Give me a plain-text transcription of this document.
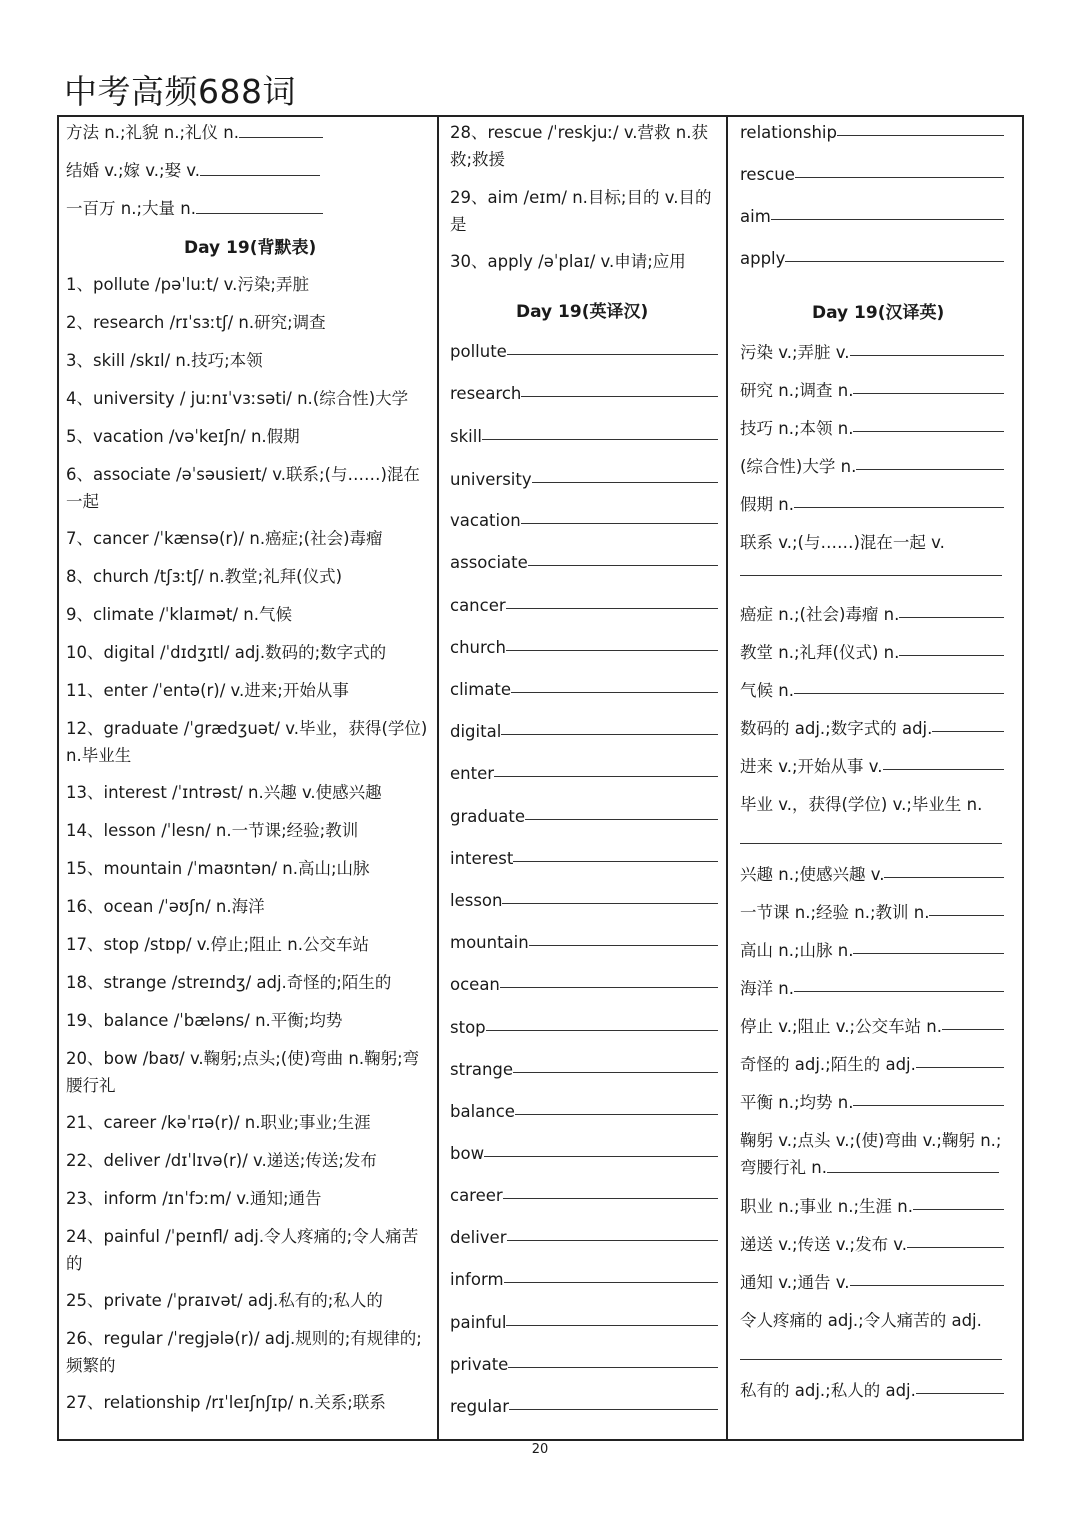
中考高频688词
方法 n.;礼貌 n.;礼仪 n.
结婚 v.;嫁 v.;娶 v.
一百万 n.;大量 n.
Day 19(背默表)
1、pollute /pəˈluːt/ v.污染;弄脏
2、research /rɪˈsɜːtʃ/ n.研究;调查
3、skill /skɪl/ n.技巧;本领
4、university / juːnɪˈvɜːsəti/ n.(综合性)大学
5、vacation /vəˈkeɪʃn/ n.假期
6、associate /əˈsəusieɪt/ v.联系;(与……)混在一起
7、cancer /ˈkænsə(r)/ n.癌症;(社会)毒瘤
8、church /tʃɜːtʃ/ n.教堂;礼拜(仪式)
9、climate /ˈklaɪmət/ n.气候
10、digital /ˈdɪdʒɪtl/ adj.数码的;数字式的
11、enter /ˈentə(r)/ v.进来;开始从事
12、graduate /ˈɡrædʒuət/ v.毕业，获得(学位) n.毕业生
13、interest /ˈɪntrəst/ n.兴趣 v.使感兴趣
14、lesson /ˈlesn/ n.一节课;经验;教训
15、mountain /ˈmaʊntən/ n.高山;山脉
16、ocean /ˈəʊʃn/ n.海洋
17、stop /stɒp/ v.停止;阻止 n.公交车站
18、strange /streɪndʒ/ adj.奇怪的;陌生的
19、balance /ˈbæləns/ n.平衡;均势
20、bow /baʊ/ v.鞠躬;点头;(使)弯曲 n.鞠躬;弯腰行礼
21、career /kəˈrɪə(r)/ n.职业;事业;生涯
22、deliver /dɪˈlɪvə(r)/ v.递送;传送;发布
23、inform /ɪnˈfɔːm/ v.通知;通告
24、painful /ˈpeɪnfl/ adj.令人疼痛的;令人痛苦的
25、private /ˈpraɪvət/ adj.私有的;私人的
26、regular /ˈregjələ(r)/ adj.规则的;有规律的;频繁的
27、relationship /rɪˈleɪʃnʃɪp/ n.关系;联系
28、rescue /ˈreskjuː/ v.营救 n.获救;救援
29、aim /eɪm/ n.目标;目的 v.目的是
30、apply /əˈplaɪ/ v.申请;应用
Day 19(英译汉)
pollute
research
skill
university
vacation
associate
cancer
church
climate
digital
enter
graduate
interest
lesson
mountain
ocean
stop
strange
balance
bow
career
deliver
inform
painful
private
regular
relationship
rescue
aim
apply
Day 19(汉译英)
污染 v.;弄脏 v.
研究 n.;调查 n.
技巧 n.;本领 n.
(综合性)大学 n.
假期 n.
联系 v.;(与……)混在一起 v.
癌症 n.;(社会)毒瘤 n.
教堂 n.;礼拜(仪式) n.
气候 n.
数码的 adj.;数字式的 adj.
进来 v.;开始从事 v.
毕业 v.，获得(学位) v.;毕业生 n.
兴趣 n.;使感兴趣 v.
一节课 n.;经验 n.;教训 n.
高山 n.;山脉 n.
海洋 n.
停止 v.;阻止 v.;公交车站 n.
奇怪的 adj.;陌生的 adj.
平衡 n.;均势 n.
鞠躬 v.;点头 v.;(使)弯曲 v.;鞠躬 n.;弯腰行礼 n.
职业 n.;事业 n.;生涯 n.
递送 v.;传送 v.;发布 v.
通知 v.;通告 v.
令人疼痛的 adj.;令人痛苦的 adj.
私有的 adj.;私人的 adj.
20
